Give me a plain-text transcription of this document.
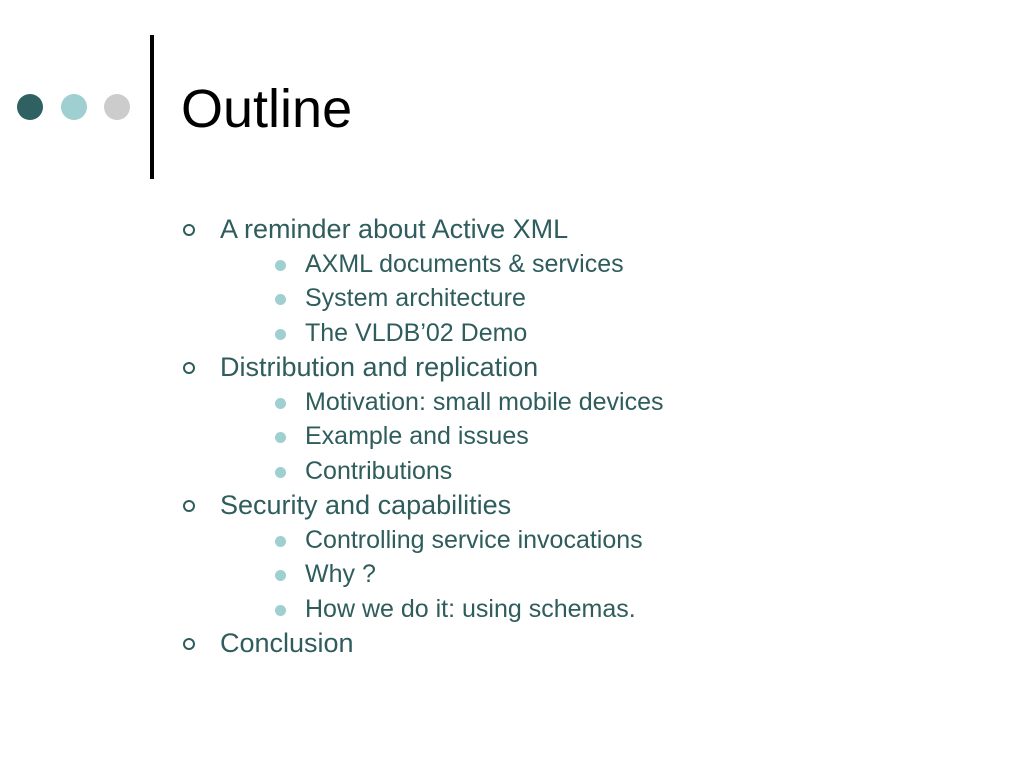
Outline
A reminder about Active XML
AXML documents & services
System architecture
The VLDB’02 Demo
Distribution and replication
Motivation: small mobile devices
Example and issues
Contributions
Security and capabilities
Controlling service invocations
Why ?
How we do it: using schemas.
Conclusion
